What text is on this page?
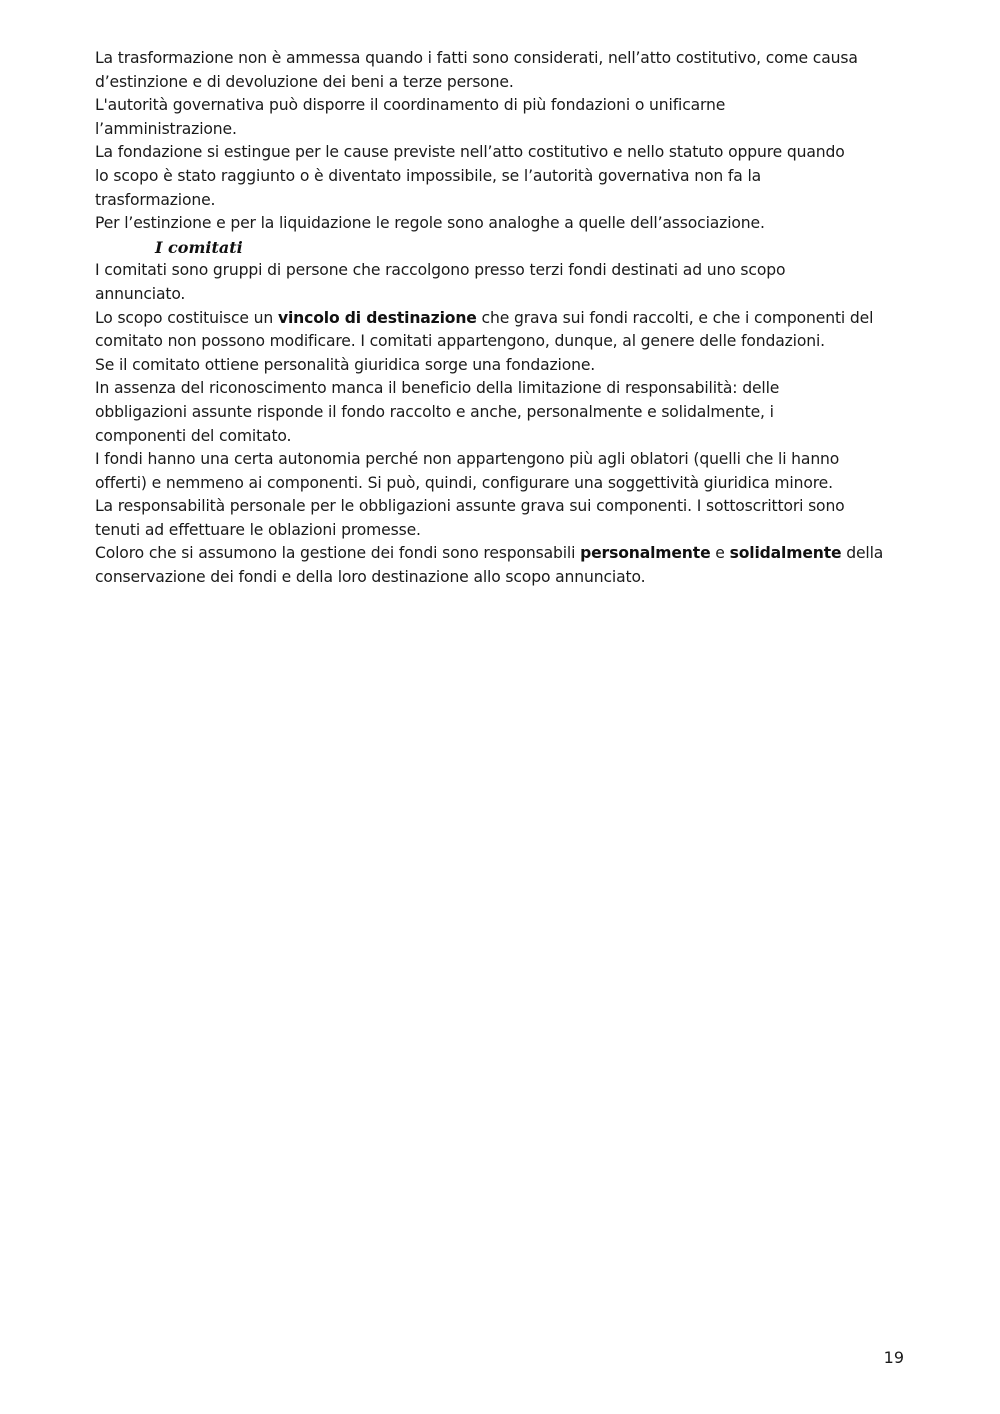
La trasformazione non è ammessa quando i fatti sono considerati, nell’atto costitutivo, come causa
d’estinzione e di devoluzione dei beni a terze persone.
L'autorità governativa può disporre il coordinamento di più fondazioni o unificarne
l’amministrazione.
La fondazione si estingue per le cause previste nell’atto costitutivo e nello statuto oppure quando
lo scopo è stato raggiunto o è diventato impossibile, se l’autorità governativa non fa la
trasformazione.
Per l’estinzione e per la liquidazione le regole sono analoghe a quelle dell’associazione.
I comitati
I comitati sono gruppi di persone che raccolgono presso terzi fondi destinati ad uno scopo
annunciato.
Lo scopo costituisce un vincolo di destinazione che grava sui fondi raccolti, e che i componenti del
comitato non possono modificare. I comitati appartengono, dunque, al genere delle fondazioni.
Se il comitato ottiene personalità giuridica sorge una fondazione.
In assenza del riconoscimento manca il beneficio della limitazione di responsabilità: delle
obbligazioni assunte risponde il fondo raccolto e anche, personalmente e solidalmente, i
componenti del comitato.
I fondi hanno una certa autonomia perché non appartengono più agli oblatori (quelli che li hanno
offerti) e nemmeno ai componenti. Si può, quindi, configurare una soggettività giuridica minore.
La responsabilità personale per le obbligazioni assunte grava sui componenti. I sottoscrittori sono
tenuti ad effettuare le oblazioni promesse.
Coloro che si assumono la gestione dei fondi sono responsabili personalmente e solidalmente della
conservazione dei fondi e della loro destinazione allo scopo annunciato.
19
